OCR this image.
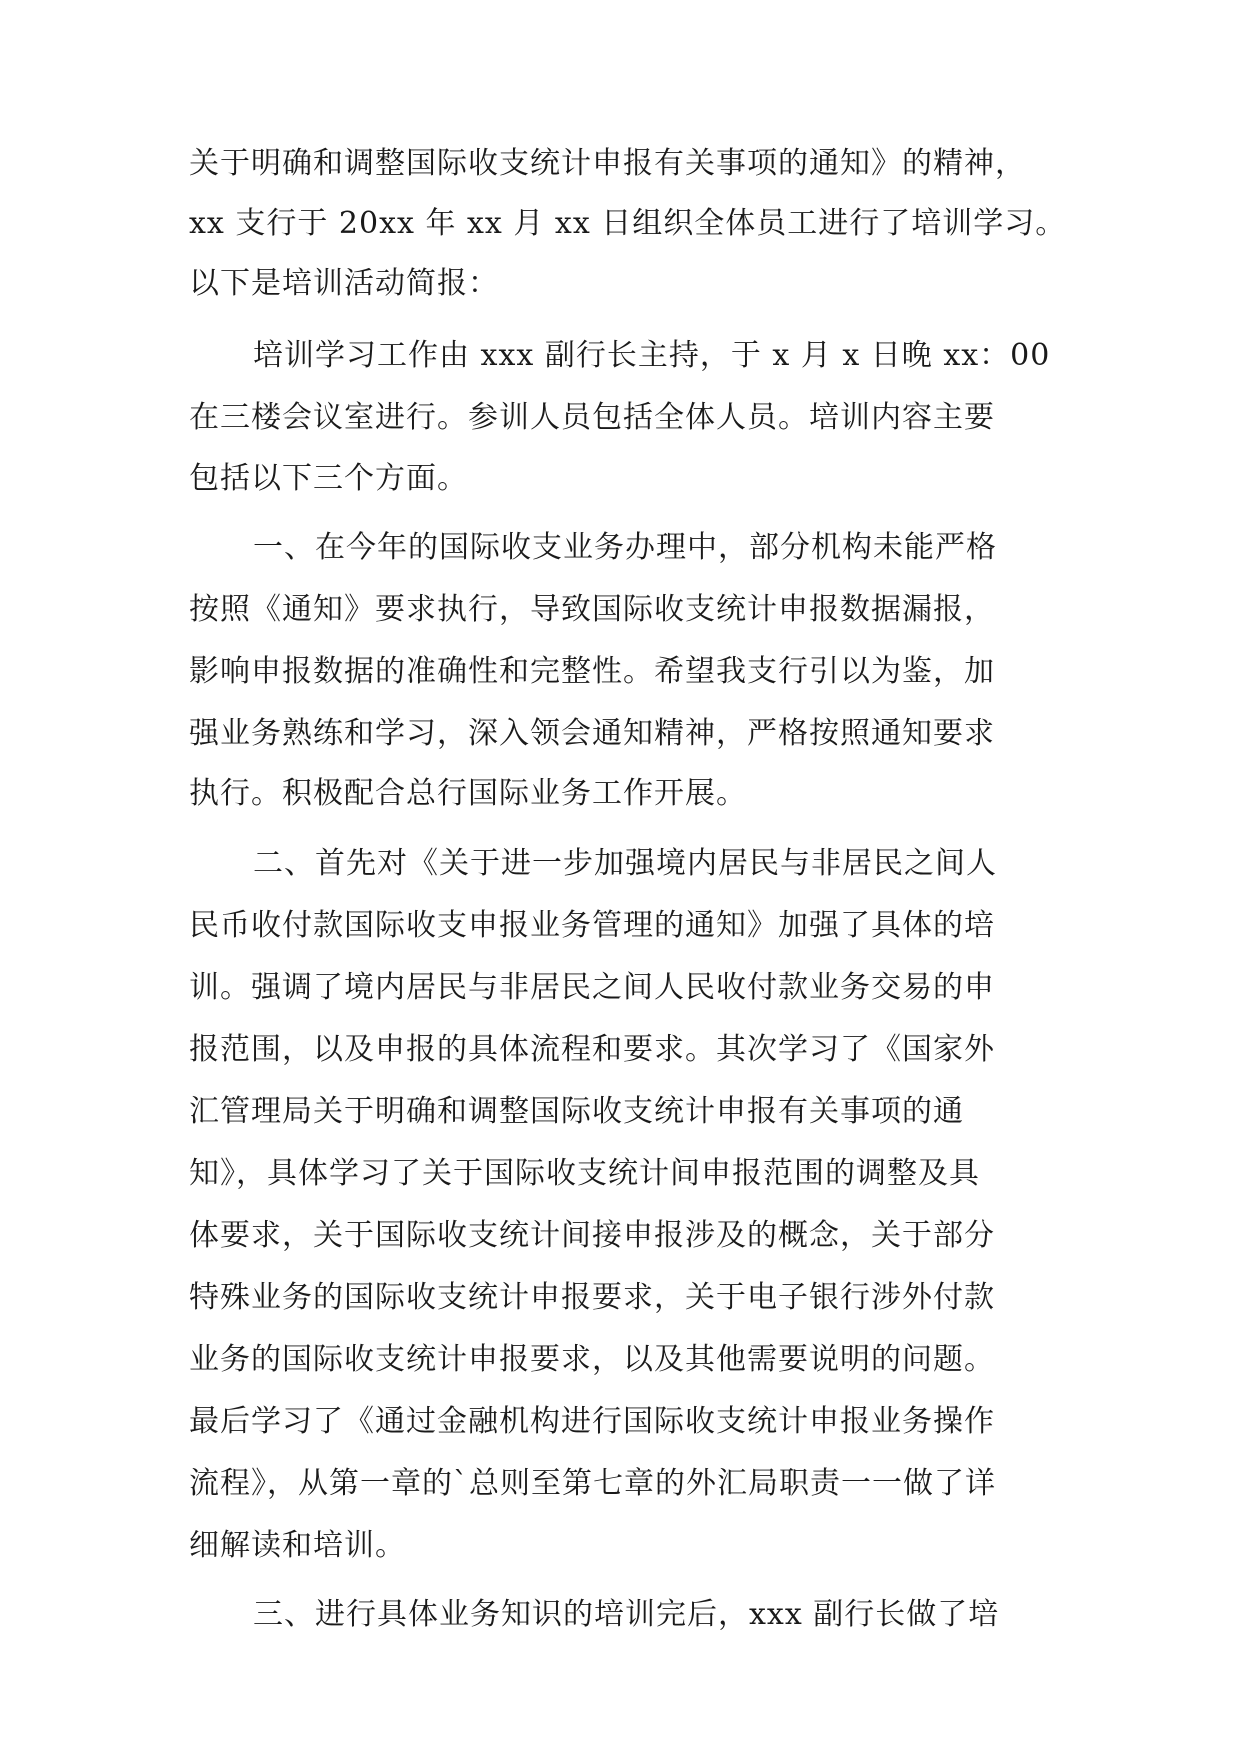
关于明确和调整国际收支统计申报有关事项的通知》的精神，
xx 支行于 20xx 年 xx 月 xx 日组织全体员工进行了培训学习。
以下是培训活动简报：
培训学习工作由 xxx 副行长主持，于 x 月 x 日晚 xx：00
在三楼会议室进行。参训人员包括全体人员。培训内容主要
包括以下三个方面。
一、在今年的国际收支业务办理中，部分机构未能严格
按照《通知》要求执行，导致国际收支统计申报数据漏报，
影响申报数据的准确性和完整性。希望我支行引以为鉴，加
强业务熟练和学习，深入领会通知精神，严格按照通知要求
执行。积极配合总行国际业务工作开展。
二、首先对《关于进一步加强境内居民与非居民之间人
民币收付款国际收支申报业务管理的通知》加强了具体的培
训。强调了境内居民与非居民之间人民收付款业务交易的申
报范围，以及申报的具体流程和要求。其次学习了《国家外
汇管理局关于明确和调整国际收支统计申报有关事项的通
知》，具体学习了关于国际收支统计间申报范围的调整及具
体要求，关于国际收支统计间接申报涉及的概念，关于部分
特殊业务的国际收支统计申报要求，关于电子银行涉外付款
业务的国际收支统计申报要求，以及其他需要说明的问题。
最后学习了《通过金融机构进行国际收支统计申报业务操作
流程》，从第一章的`总则至第七章的外汇局职责一一做了详
细解读和培训。
三、进行具体业务知识的培训完后，xxx 副行长做了培
